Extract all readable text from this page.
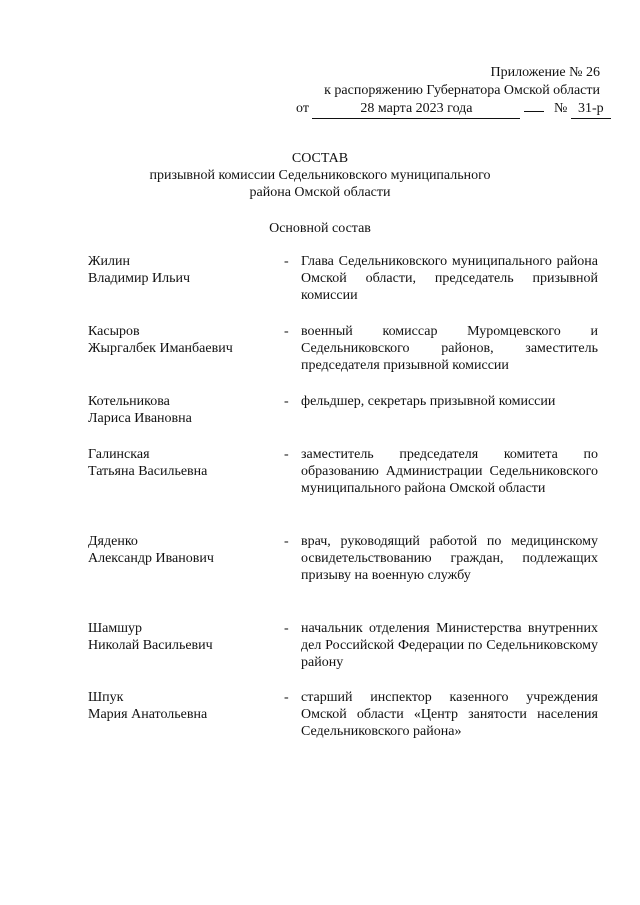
Приложение № 26
к распоряжению Губернатора Омской области
от	28 марта 2023 года	№ 31-р
СОСТАВ
призывной комиссии Седельниковского муниципального
района Омской области
Основной состав
Жилин
Владимир Ильич
- Глава Седельниковского муниципального района Омской области, председатель призывной комиссии
Касыров
Жыргалбек Иманбаевич
- военный комиссар Муромцевского и Седельниковского районов, заместитель председателя призывной комиссии
Котельникова
Лариса Ивановна
- фельдшер, секретарь призывной комиссии
Галинская
Татьяна Васильевна
- заместитель председателя комитета по образованию Администрации Седельниковского муниципального района Омской области
Дяденко
Александр Иванович
- врач, руководящий работой по медицинскому освидетельствованию граждан, подлежащих призыву на военную службу
Шамшур
Николай Васильевич
- начальник отделения Министерства внутренних дел Российской Федерации по Седельниковскому району
Шпук
Мария Анатольевна
- старший инспектор казенного учреждения Омской области «Центр занятости населения Седельниковского района»
